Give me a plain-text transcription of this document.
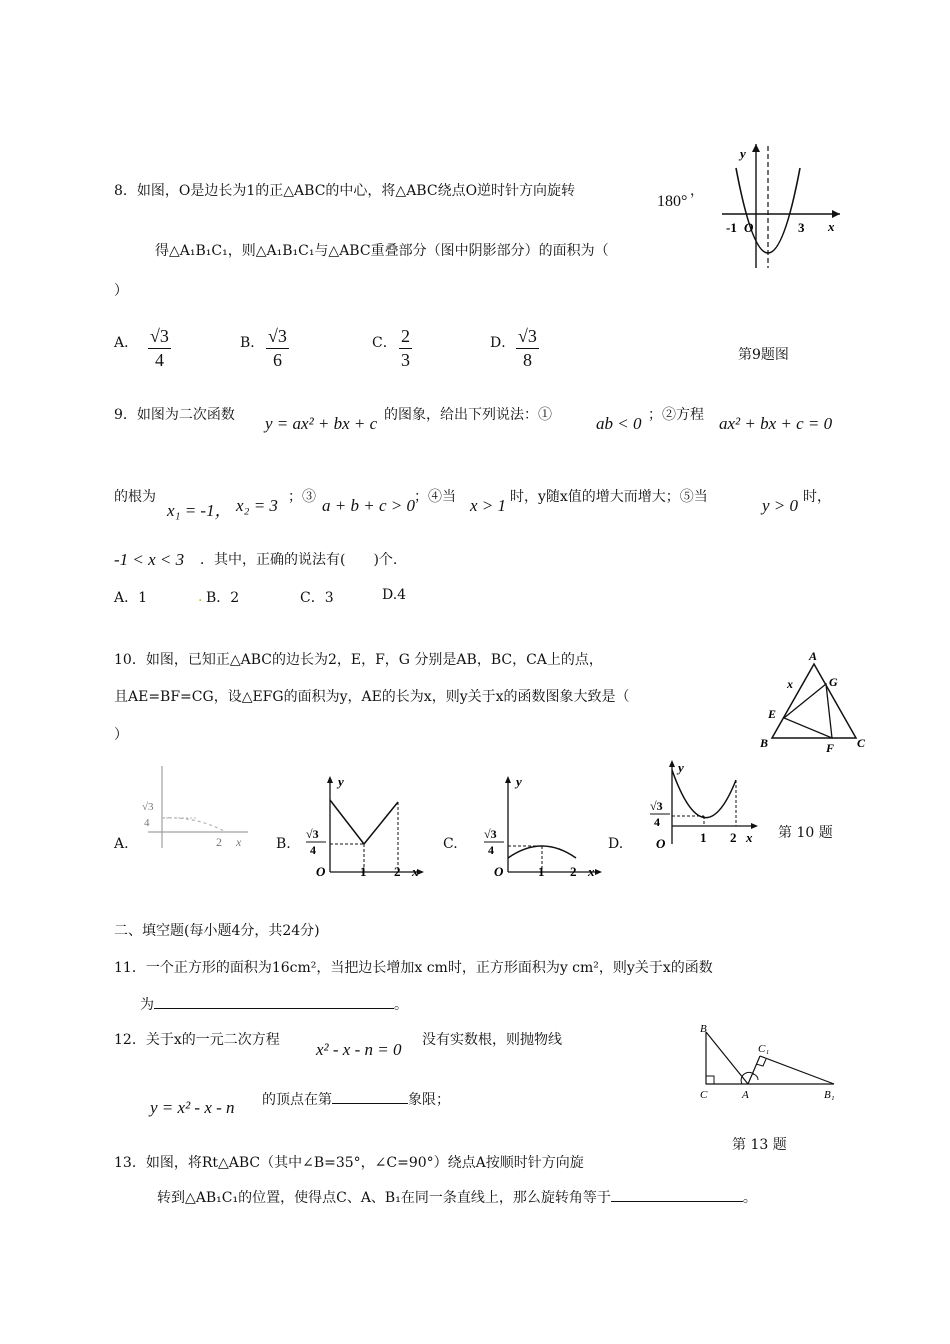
8．如图，O是边长为1的正△ABC的中心，将△ABC绕点O逆时针方向旋转
180°
，
得△A₁B₁C₁，则△A₁B₁C₁与△ABC重叠部分（图中阴影部分）的面积为（
）
A． $\frac{√3}{4}$	B． $\frac{√3}{6}$	C． $\frac{2}{3}$	D． $\frac{√3}{8}$
y
x
-1 O	3
第9题图
9．如图为二次函数 y = ax² + bx + c 的图象，给出下列说法：①	ab < 0 ；②方程 ax² + bx + c = 0
的根为
x₁ = -1， x₂ = 3 ；③ a + b + c > 0 ；④当 x > 1 时，y随x值的增大而增大；⑤当	y > 0 时，
-1 < x < 3 ．其中，正确的说法有(　　)个.
A．1	. B．2	C．3	D.4
10．如图，已知正△ABC的边长为2，E，F，G 分别是AB，BC，CA上的点，
且AE=BF=CG，设△EFG的面积为y，AE的长为x，则y关于x的函数图象大致是（
）
A
G
x
E
B	F C
A.
√3
4
2 x B.
y
√3
4
O	1 2 x
C.
y
√3
4
O	1 2 x
D.
y
√3
4
O	1 2 x 第 10 题
二、填空题(每小题4分，共24分)
11．一个正方形的面积为16cm²，当把边长增加x cm时，正方形面积为y cm²，则y关于x的函数
为	。
12．关于x的一元二次方程 x² - x - n = 0 没有实数根，则抛物线
y = x² - x - n 的顶点在第	象限；
B
C₁
C	A	B₁
第 13 题
13．如图，将Rt△ABC（其中∠B=35°，∠C=90°）绕点A按顺时针方向旋
转到△AB₁C₁的位置，使得点C、A、B₁在同一条直线上，那么旋转角等于	。
